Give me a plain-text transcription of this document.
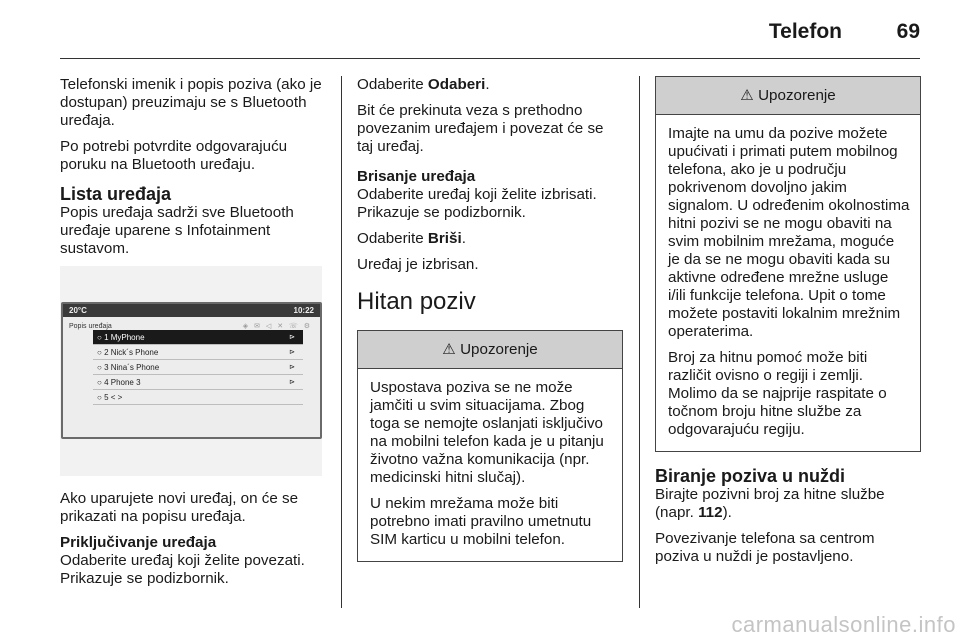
Telefon	69

Telefonski imenik i popis poziva (ako je dostupan) preuzimaju se s Bluetooth uređaja.

Po potrebi potvrdite odgovarajuću poruku na Bluetooth uređaju.

Lista uređaja

Popis uređaja sadrži sve Bluetooth uređaje uparene s Infotainment sustavom.

20°C	10:22
Popis uređaja	◈ ✉ ◁ ✕ ☏ ⚙
○ 1 MyPhone	⊳
○ 2 Nick´s Phone	⊳
○ 3 Nina´s Phone	⊳
○ 4 Phone 3	⊳
○ 5 < >

Ako uparujete novi uređaj, on će se prikazati na popisu uređaja.

Priključivanje uređaja

Odaberite uređaj koji želite povezati. Prikazuje se podizbornik.

Odaberite Odaberi.

Bit će prekinuta veza s prethodno povezanim uređajem i povezat će se taj uređaj.

Brisanje uređaja

Odaberite uređaj koji želite izbrisati. Prikazuje se podizbornik.

Odaberite Briši.

Uređaj je izbrisan.

Hitan poziv
⚠ Upozorenje

Uspostava poziva se ne može jamčiti u svim situacijama. Zbog toga se nemojte oslanjati isključivo na mobilni telefon kada je u pitanju životno važna komunikacija (npr. medicinski hitni slučaj).

U nekim mrežama može biti potrebno imati pravilno umetnutu SIM karticu u mobilni telefon.

⚠ Upozorenje

Imajte na umu da pozive možete upućivati i primati putem mobilnog telefona, ako je u području pokrivenom dovoljno jakim signalom. U određenim okolnostima hitni pozivi se ne mogu obaviti na svim mobilnim mrežama, moguće je da se ne mogu obaviti kada su aktivne određene mrežne usluge i/ili funkcije telefona. Upit o tome možete postaviti lokalnim mrežnim operaterima.

Broj za hitnu pomoć može biti različit ovisno o regiji i zemlji. Molimo da se najprije raspitate o točnom broju hitne službe za odgovarajuću regiju.

Biranje poziva u nuždi

Birajte pozivni broj za hitne službe (napr. 112).

Povezivanje telefona sa centrom poziva u nuždi je postavljeno.

carmanualsonline.info
